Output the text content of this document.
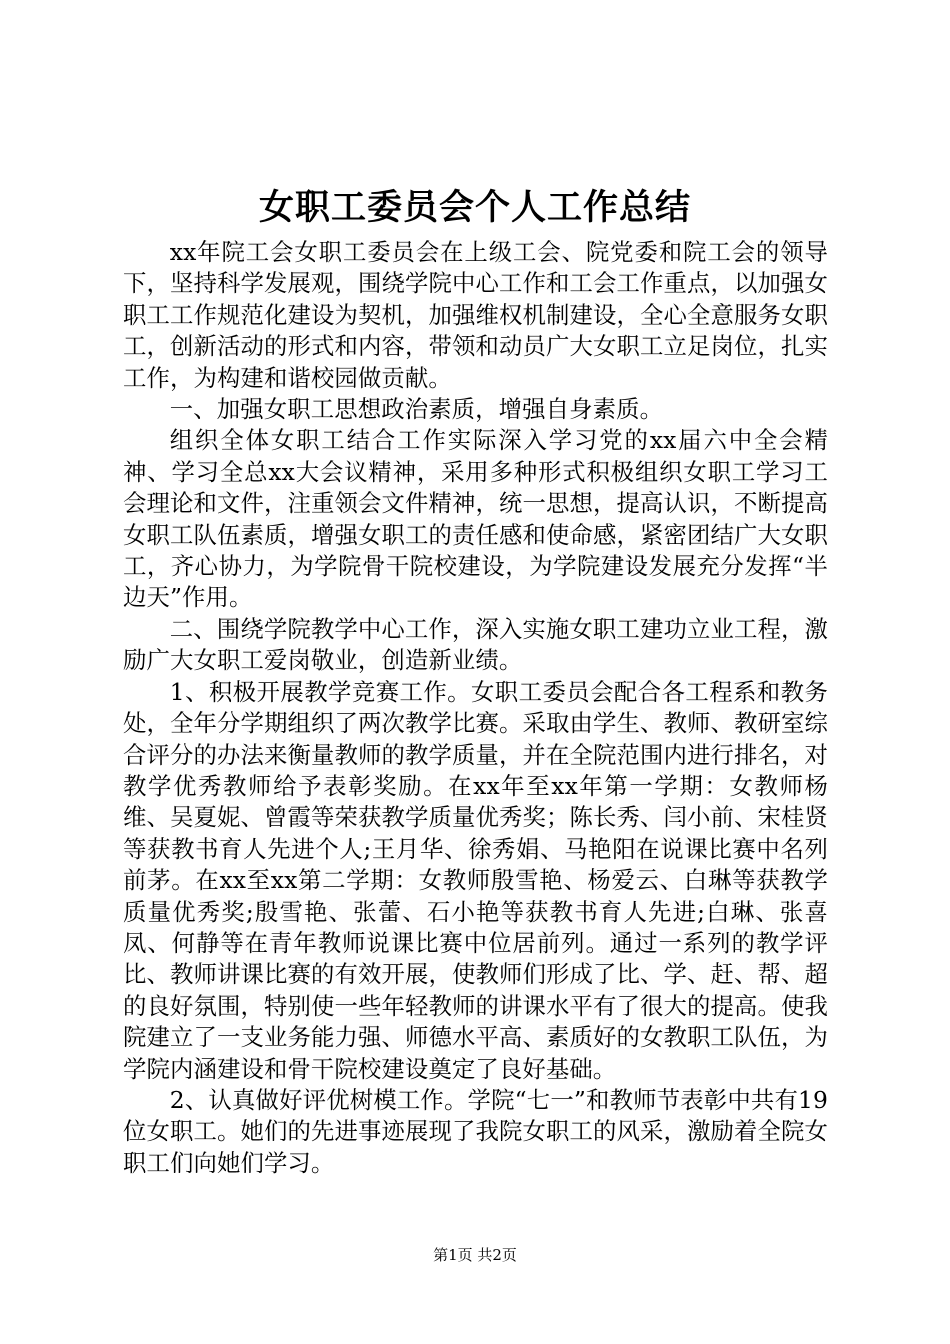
女职工委员会个人工作总结

xx年院工会女职工委员会在上级工会、院党委和院工会的领导下，坚持科学发展观，围绕学院中心工作和工会工作重点，以加强女职工工作规范化建设为契机，加强维权机制建设，全心全意服务女职工，创新活动的形式和内容，带领和动员广大女职工立足岗位，扎实工作，为构建和谐校园做贡献。

一、加强女职工思想政治素质，增强自身素质。

组织全体女职工结合工作实际深入学习党的xx届六中全会精神、学习全总xx大会议精神，采用多种形式积极组织女职工学习工会理论和文件，注重领会文件精神，统一思想，提高认识，不断提高女职工队伍素质，增强女职工的责任感和使命感，紧密团结广大女职工，齐心协力，为学院骨干院校建设，为学院建设发展充分发挥“半边天”作用。

二、围绕学院教学中心工作，深入实施女职工建功立业工程，激励广大女职工爱岗敬业，创造新业绩。

1、积极开展教学竞赛工作。女职工委员会配合各工程系和教务处，全年分学期组织了两次教学比赛。采取由学生、教师、教研室综合评分的办法来衡量教师的教学质量，并在全院范围内进行排名，对教学优秀教师给予表彰奖励。在xx年至xx年第一学期：女教师杨维、吴夏妮、曾霞等荣获教学质量优秀奖；陈长秀、闫小前、宋桂贤等获教书育人先进个人;王月华、徐秀娟、马艳阳在说课比赛中名列前茅。在xx至xx第二学期：女教师殷雪艳、杨爱云、白琳等获教学质量优秀奖;殷雪艳、张蕾、石小艳等获教书育人先进;白琳、张喜凤、何静等在青年教师说课比赛中位居前列。通过一系列的教学评比、教师讲课比赛的有效开展，使教师们形成了比、学、赶、帮、超的良好氛围，特别使一些年轻教师的讲课水平有了很大的提高。使我院建立了一支业务能力强、师德水平高、素质好的女教职工队伍，为学院内涵建设和骨干院校建设奠定了良好基础。

2、认真做好评优树模工作。学院“七一”和教师节表彰中共有19位女职工。她们的先进事迹展现了我院女职工的风采，激励着全院女职工们向她们学习。

第1页 共2页
